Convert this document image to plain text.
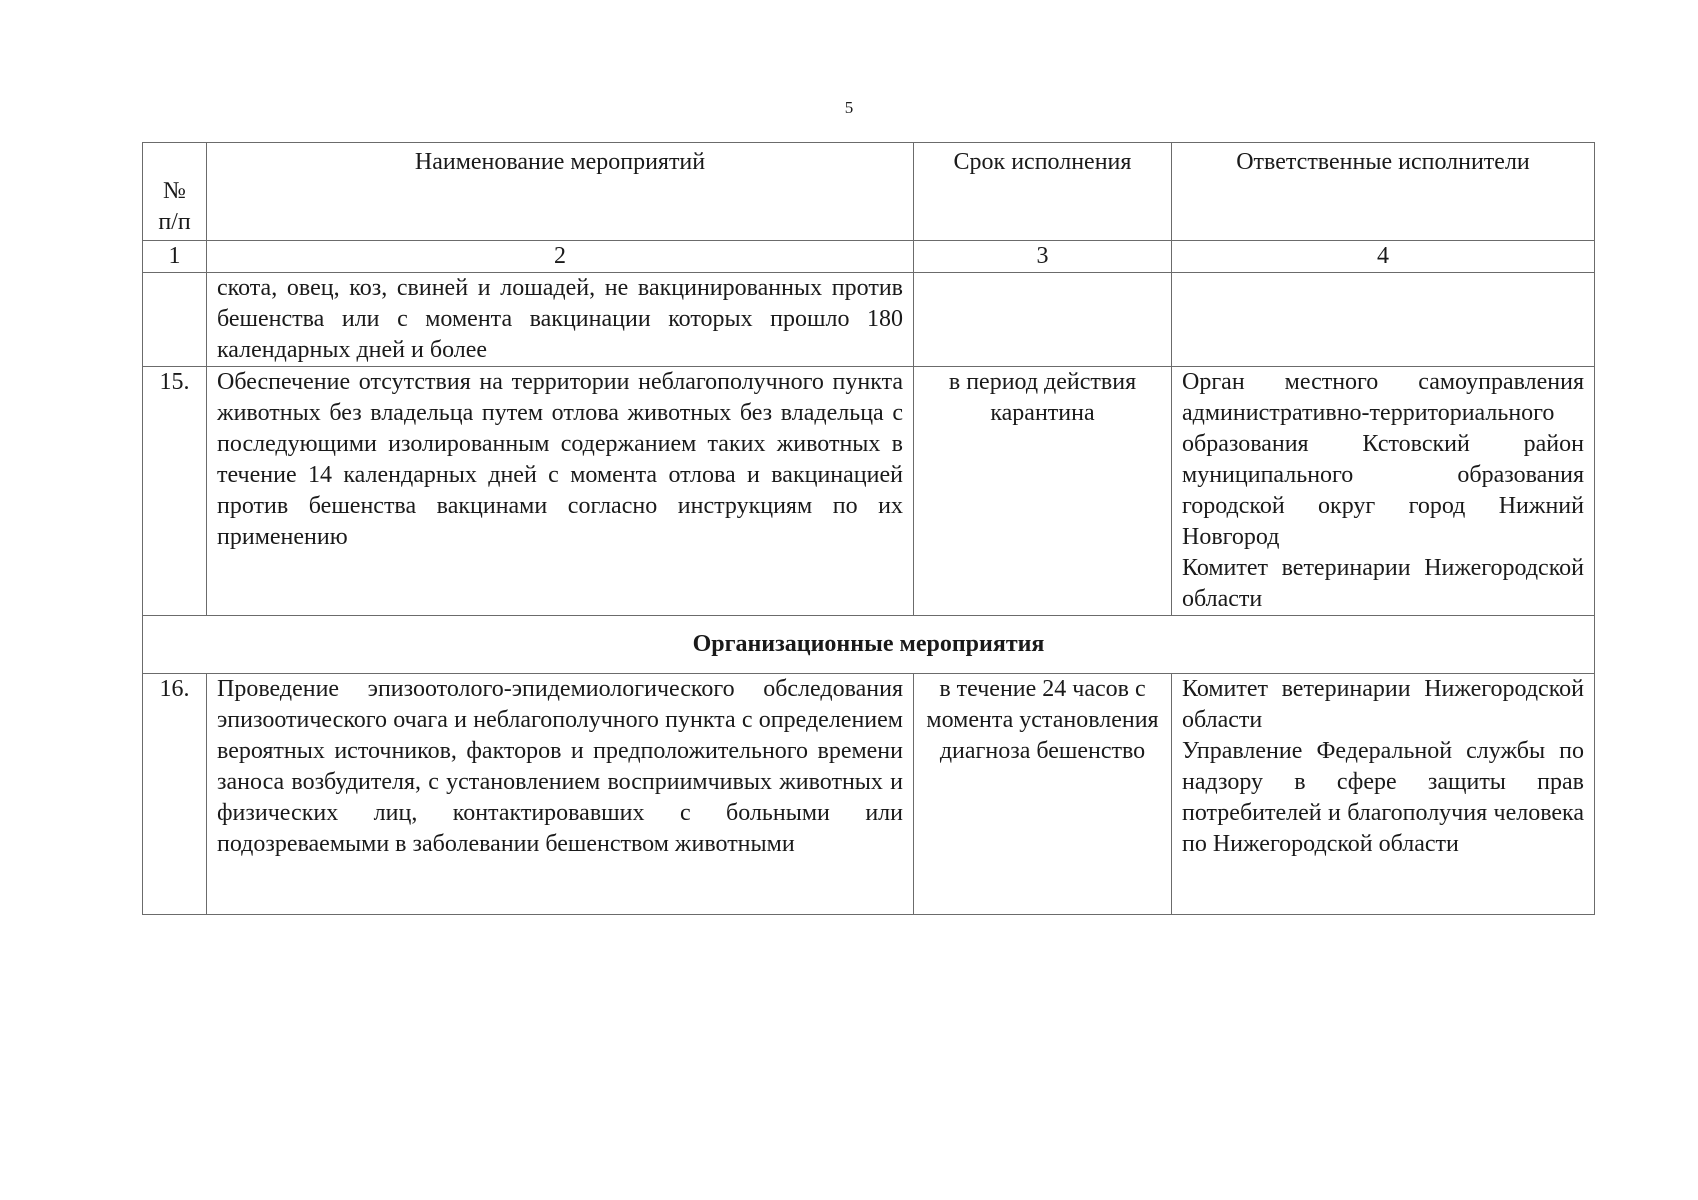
5
№
п/п	Наименование мероприятий	Срок исполнения	Ответственные исполнители
1	2	3	4
	скота, овец, коз, свиней и лошадей, не вакцинированных против бешенства или с момента вакцинации которых прошло 180 календарных дней и более		
15.	Обеспечение отсутствия на территории неблагополучного пункта животных без владельца путем отлова животных без владельца с последующими изолированным содержанием таких животных в течение 14 календарных дней с момента отлова и вакцинацией против бешенства вакцинами согласно инструкциям по их применению	в период действия карантина	Орган местного самоуправления административно-территориального образования Кстовский район муниципального образования городской округ город Нижний Новгород
Комитет ветеринарии Нижегородской области

Организационные мероприятия			
16.	Проведение эпизоотолого-эпидемиологического обследования эпизоотического очага и неблагополучного пункта с определением вероятных источников, факторов и предположительного времени заноса возбудителя, с установлением восприимчивых животных и физических лиц, контактировавших с больными или подозреваемыми в заболевании бешенством животными	в течение 24 часов с момента установления диагноза бешенство	Комитет ветеринарии Нижегородской области
Управление Федеральной службы по надзору в сфере защиты прав потребителей и благополучия человека по Нижегородской области
